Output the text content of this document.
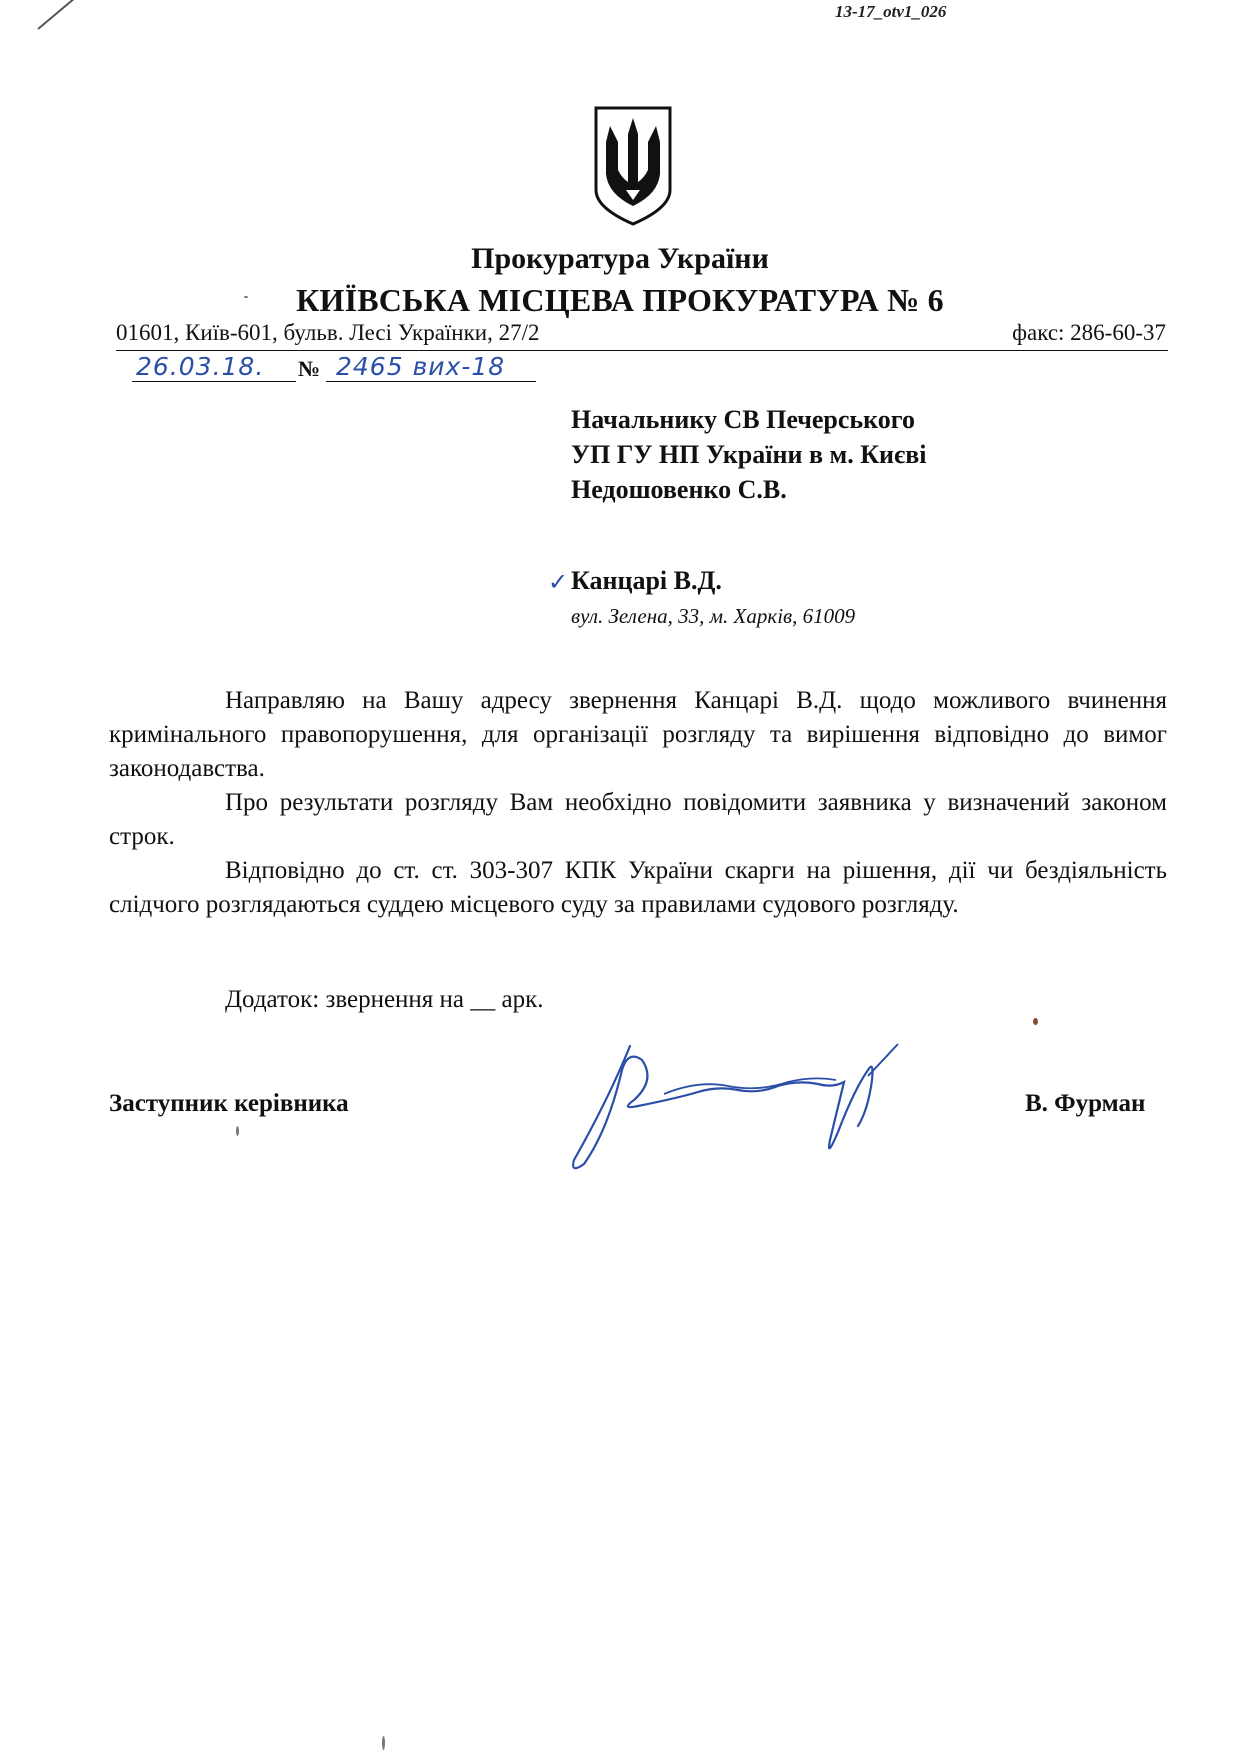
13-17_otv1_026
Прокуратура України
КИЇВСЬКА МІСЦЕВА ПРОКУРАТУРА № 6
01601, Київ-601, бульв. Лесі Українки, 27/2	факс: 286-60-37
26.03.18.	№ 2465 вих-18
Начальнику СВ Печерського
УП ГУ НП України в м. Києві
Недошовенко С.В.
✓ Канцарі В.Д.
вул. Зелена, 33, м. Харків, 61009

Направляю на Вашу адресу звернення Канцарі В.Д. щодо можливого вчинення кримінального правопорушення, для організації розгляду та вирішення відповідно до вимог законодавства.

Про результати розгляду Вам необхідно повідомити заявника у визначений законом строк.

Відповідно до ст. ст. 303-307 КПК України скарги на рішення, дії чи бездіяльність слідчого розглядаються суддею місцевого суду за правилами судового розгляду.

Додаток: звернення на __ арк.
Заступник керівника	В. Фурман
